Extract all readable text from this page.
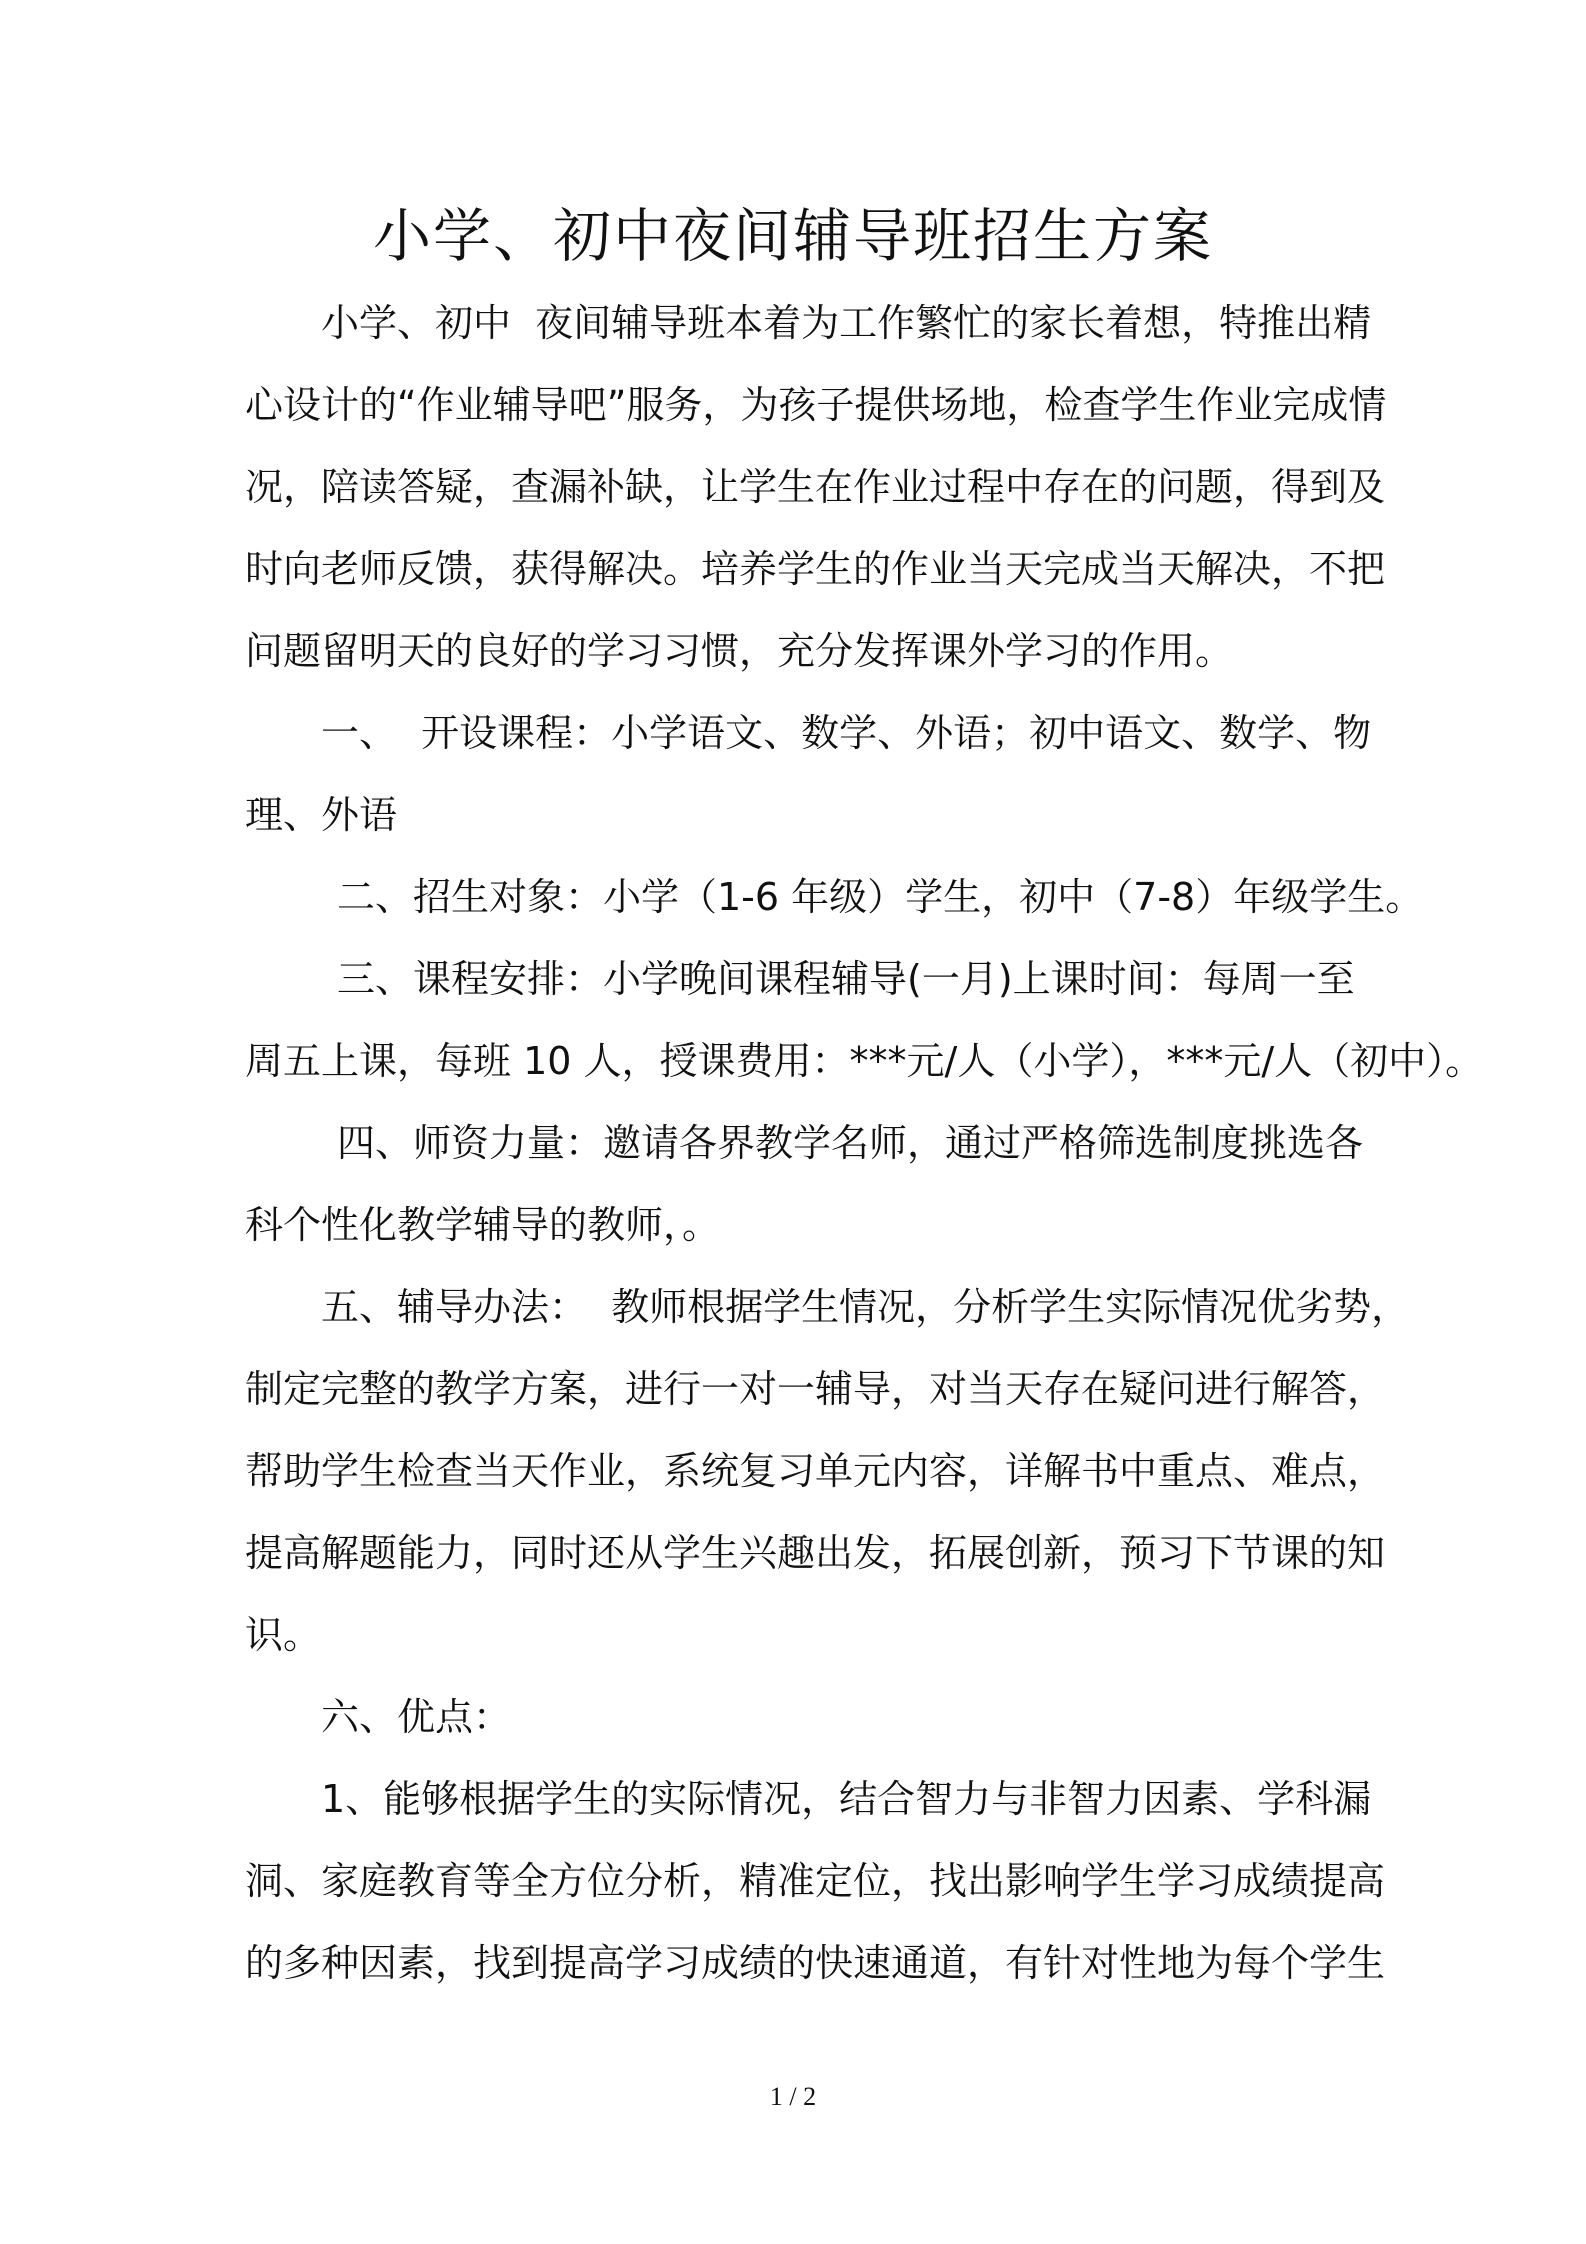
小学、初中夜间辅导班招生方案
小学、初中  夜间辅导班本着为工作繁忙的家长着想，特推出精
心设计的“作业辅导吧”服务，为孩子提供场地，检查学生作业完成情
况，陪读答疑，查漏补缺，让学生在作业过程中存在的问题，得到及
时向老师反馈，获得解决。培养学生的作业当天完成当天解决，不把
问题留明天的良好的学习习惯，充分发挥课外学习的作用。
一、  开设课程：小学语文、数学、外语；初中语文、数学、物
理、外语
二、招生对象：小学（1-6 年级）学生，初中（7-8）年级学生。
三、课程安排：小学晚间课程辅导(一月)上课时间：每周一至
周五上课，每班 10 人，授课费用：***元/人（小学），***元/人（初中）。
四、师资力量：邀请各界教学名师，通过严格筛选制度挑选各
科个性化教学辅导的教师，。
五、辅导办法：  教师根据学生情况，分析学生实际情况优劣势，
制定完整的教学方案，进行一对一辅导，对当天存在疑问进行解答，
帮助学生检查当天作业，系统复习单元内容，详解书中重点、难点，
提高解题能力，同时还从学生兴趣出发，拓展创新，预习下节课的知
识。
六、优点：
1、能够根据学生的实际情况，结合智力与非智力因素、学科漏
洞、家庭教育等全方位分析，精准定位，找出影响学生学习成绩提高
的多种因素，找到提高学习成绩的快速通道，有针对性地为每个学生
1 / 2
